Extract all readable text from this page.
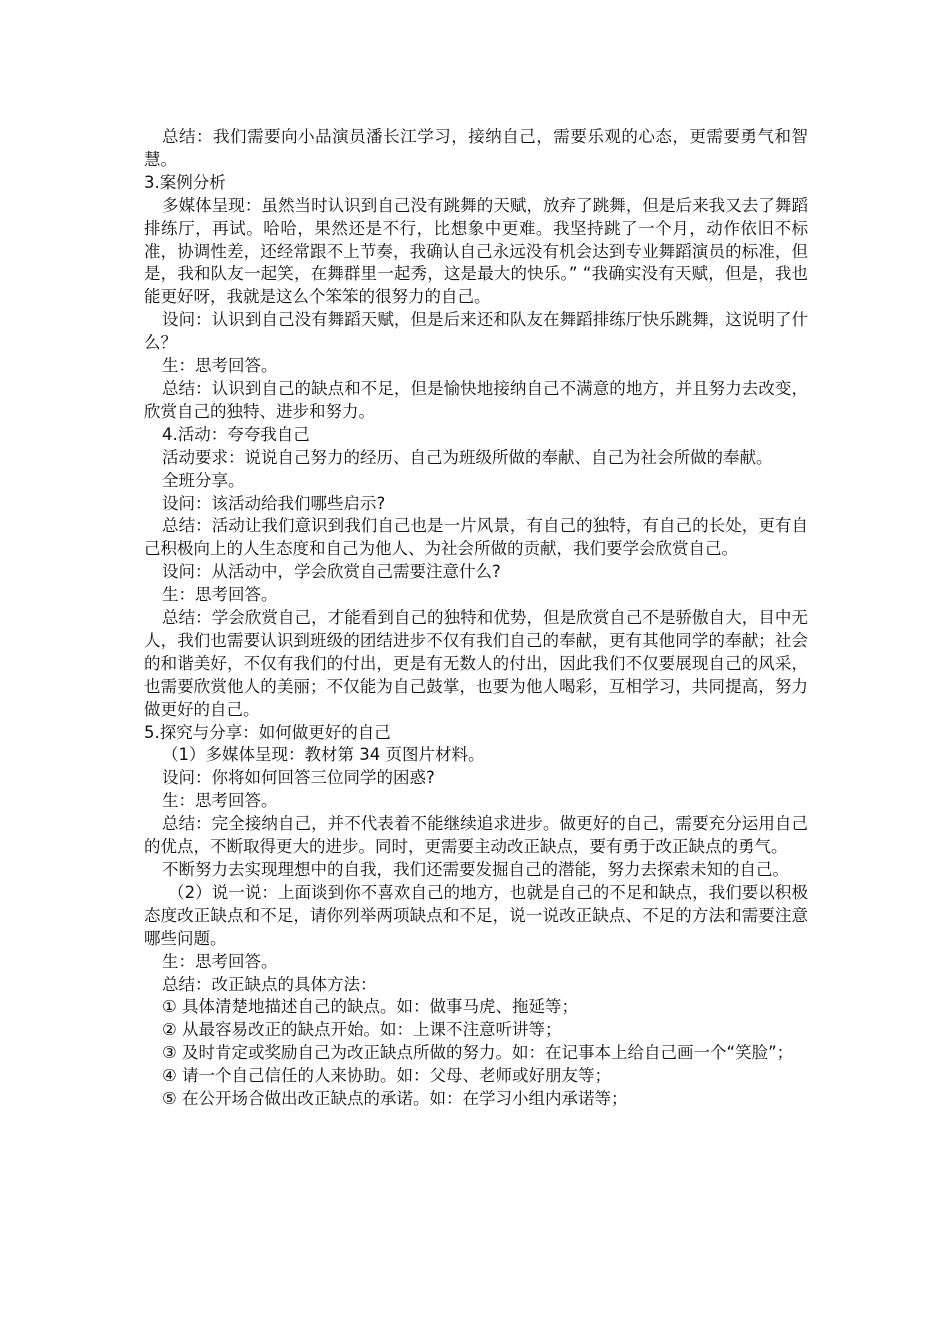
总结：我们需要向小品演员潘长江学习，接纳自己，需要乐观的心态，更需要勇气和智慧。

3.案例分析

多媒体呈现：虽然当时认识到自己没有跳舞的天赋，放弃了跳舞，但是后来我又去了舞蹈排练厅，再试。哈哈，果然还是不行，比想象中更难。我坚持跳了一个月，动作依旧不标准，协调性差，还经常跟不上节奏，我确认自己永远没有机会达到专业舞蹈演员的标准，但是，我和队友一起笑，在舞群里一起秀，这是最大的快乐。” “我确实没有天赋，但是，我也能更好呀，我就是这么个笨笨的很努力的自己。

设问：认识到自己没有舞蹈天赋，但是后来还和队友在舞蹈排练厅快乐跳舞，这说明了什么？

生：思考回答。

总结：认识到自己的缺点和不足，但是愉快地接纳自己不满意的地方，并且努力去改变，欣赏自己的独特、进步和努力。

4.活动：夸夸我自己

活动要求：说说自己努力的经历、自己为班级所做的奉献、自己为社会所做的奉献。

全班分享。

设问：该活动给我们哪些启示?

总结：活动让我们意识到我们自己也是一片风景，有自己的独特，有自己的长处，更有自己积极向上的人生态度和自己为他人、为社会所做的贡献，我们要学会欣赏自己。

设问：从活动中，学会欣赏自己需要注意什么?

生：思考回答。

总结：学会欣赏自己，才能看到自己的独特和优势，但是欣赏自己不是骄傲自大，目中无人，我们也需要认识到班级的团结进步不仅有我们自己的奉献，更有其他同学的奉献；社会的和谐美好，不仅有我们的付出，更是有无数人的付出，因此我们不仅要展现自己的风采，也需要欣赏他人的美丽；不仅能为自己鼓掌，也要为他人喝彩，互相学习，共同提高，努力做更好的自己。

5.探究与分享：如何做更好的自己

（1）多媒体呈现：教材第 34 页图片材料。

设问：你将如何回答三位同学的困惑?

生：思考回答。

总结：完全接纳自己，并不代表着不能继续追求进步。做更好的自己，需要充分运用自己的优点，不断取得更大的进步。同时，更需要主动改正缺点，要有勇于改正缺点的勇气。

不断努力去实现理想中的自我，我们还需要发掘自己的潜能，努力去探索未知的自己。

（2）说一说：上面谈到你不喜欢自己的地方，也就是自己的不足和缺点，我们要以积极态度改正缺点和不足，请你列举两项缺点和不足，说一说改正缺点、不足的方法和需要注意哪些问题。

生：思考回答。

总结：改正缺点的具体方法：

① 具体清楚地描述自己的缺点。如：做事马虎、拖延等；

② 从最容易改正的缺点开始。如：上课不注意听讲等；

③ 及时肯定或奖励自己为改正缺点所做的努力。如：在记事本上给自己画一个“笑脸”；

④ 请一个自己信任的人来协助。如：父母、老师或好朋友等；

⑤ 在公开场合做出改正缺点的承诺。如：在学习小组内承诺等；
